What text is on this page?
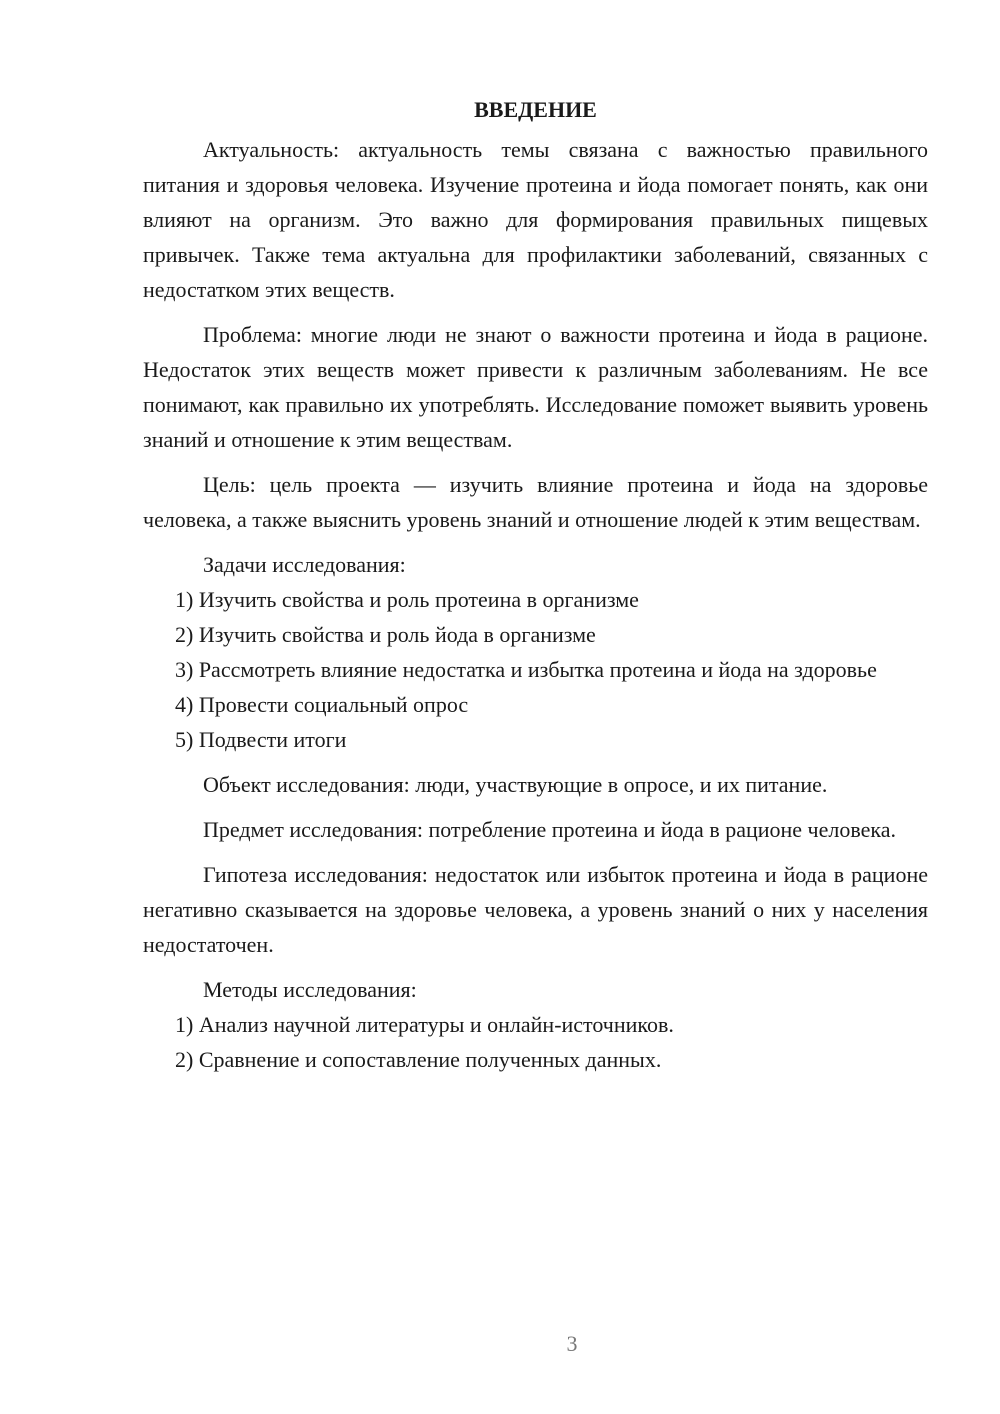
ВВЕДЕНИЕ

Актуальность: актуальность темы связана с важностью правильного питания и здоровья человека. Изучение протеина и йода помогает понять, как они влияют на организм. Это важно для формирования правильных пищевых привычек. Также тема актуальна для профилактики заболеваний, связанных с недостатком этих веществ.

Проблема: многие люди не знают о важности протеина и йода в рационе. Недостаток этих веществ может привести к различным заболеваниям. Не все понимают, как правильно их употреблять. Исследование поможет выявить уровень знаний и отношение к этим веществам.

Цель: цель проекта — изучить влияние протеина и йода на здоровье человека, а также выяснить уровень знаний и отношение людей к этим веществам.

Задачи исследования:

1) Изучить свойства и роль протеина в организме

2) Изучить свойства и роль йода в организме

3) Рассмотреть влияние недостатка и избытка протеина и йода на здоровье

4) Провести социальный опрос

5) Подвести итоги

Объект исследования: люди, участвующие в опросе, и их питание.

Предмет исследования: потребление протеина и йода в рационе человека.

Гипотеза исследования: недостаток или избыток протеина и йода в рационе негативно сказывается на здоровье человека, а уровень знаний о них у населения недостаточен.

Методы исследования:

1) Анализ научной литературы и онлайн-источников.

2) Сравнение и сопоставление полученных данных.

3
